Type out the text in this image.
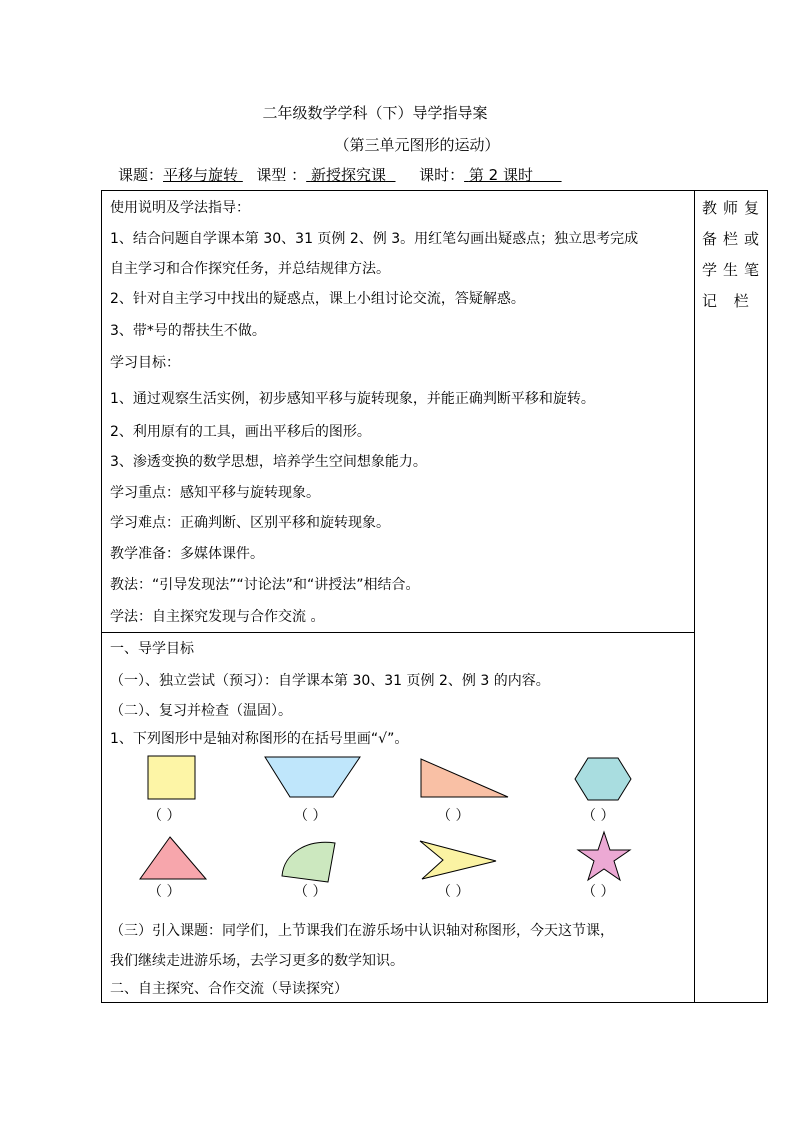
二年级数学学科（下）导学指导案
（第三单元图形的运动）
课题：平移与旋转 课型 ： 新授探究课 课时： 第 2 课时
使用说明及学法指导：
1、结合问题自学课本第 30、31 页例 2、例 3。用红笔勾画出疑惑点；独立思考完成
自主学习和合作探究任务，并总结规律方法。
2、针对自主学习中找出的疑惑点，课上小组讨论交流，答疑解惑。
3、带*号的帮扶生不做。
学习目标：
1、通过观察生活实例，初步感知平移与旋转现象，并能正确判断平移和旋转。
2、利用原有的工具，画出平移后的图形。
3、渗透变换的数学思想，培养学生空间想象能力。
学习重点：感知平移与旋转现象。
学习难点：正确判断、区别平移和旋转现象。
教学准备：多媒体课件。
教法：“引导发现法”“讨论法”和“讲授法”相结合。
学法：自主探究发现与合作交流 。

教师复
备栏或
学生笔
记 栏

一、导学目标
（一）、独立尝试（预习）：自学课本第 30、31 页例 2、例 3 的内容。
（二）、复习并检查（温固）。
1、下列图形中是轴对称图形的在括号里画“√”。
（ ）	（ ）	（ ）	（ ）
（ ）	（ ）	（ ）	（ ）
（三）引入课题：同学们，上节课我们在游乐场中认识轴对称图形，今天这节课，
我们继续走进游乐场，去学习更多的数学知识。
二、自主探究、合作交流（导读探究）
